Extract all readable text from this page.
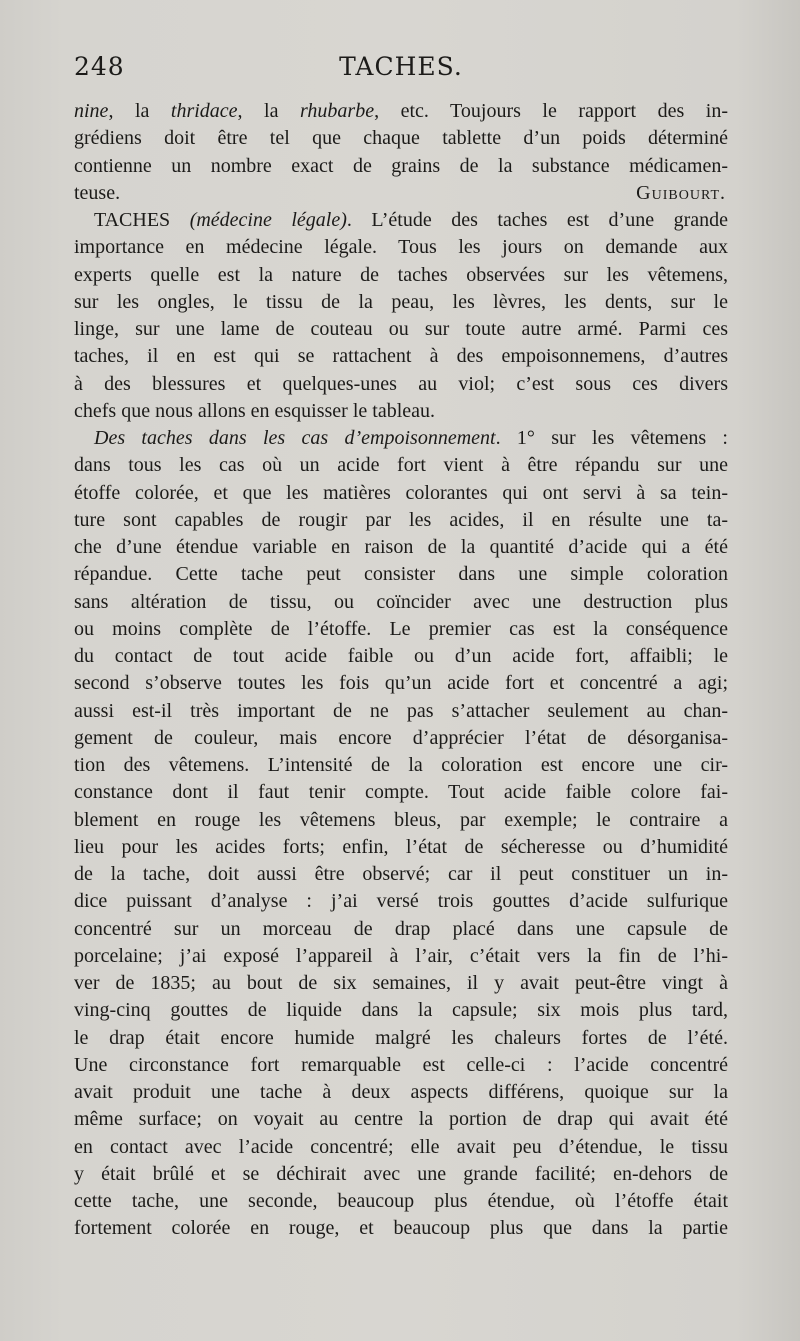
248	TACHES.
nine, la thridace, la rhubarbe, etc. Toujours le rapport des in-
grédiens doit être tel que chaque tablette d’un poids déterminé
contienne un nombre exact de grains de la substance médicamen-
teuse.	Guibourt.
TACHES (médecine légale). L’étude des taches est d’une grande
importance en médecine légale. Tous les jours on demande aux
experts quelle est la nature de taches observées sur les vêtemens,
sur les ongles, le tissu de la peau, les lèvres, les dents, sur le
linge, sur une lame de couteau ou sur toute autre armé. Parmi ces
taches, il en est qui se rattachent à des empoisonnemens, d’autres
à des blessures et quelques-unes au viol; c’est sous ces divers
chefs que nous allons en esquisser le tableau.
Des taches dans les cas d’empoisonnement. 1° sur les vêtemens :
dans tous les cas où un acide fort vient à être répandu sur une
étoffe colorée, et que les matières colorantes qui ont servi à sa tein-
ture sont capables de rougir par les acides, il en résulte une ta-
che d’une étendue variable en raison de la quantité d’acide qui a été
répandue. Cette tache peut consister dans une simple coloration
sans altération de tissu, ou coïncider avec une destruction plus
ou moins complète de l’étoffe. Le premier cas est la conséquence
du contact de tout acide faible ou d’un acide fort, affaibli; le
second s’observe toutes les fois qu’un acide fort et concentré a agi;
aussi est-il très important de ne pas s’attacher seulement au chan-
gement de couleur, mais encore d’apprécier l’état de désorganisa-
tion des vêtemens. L’intensité de la coloration est encore une cir-
constance dont il faut tenir compte. Tout acide faible colore fai-
blement en rouge les vêtemens bleus, par exemple; le contraire a
lieu pour les acides forts; enfin, l’état de sécheresse ou d’humidité
de la tache, doit aussi être observé; car il peut constituer un in-
dice puissant d’analyse : j’ai versé trois gouttes d’acide sulfurique
concentré sur un morceau de drap placé dans une capsule de
porcelaine; j’ai exposé l’appareil à l’air, c’était vers la fin de l’hi-
ver de 1835; au bout de six semaines, il y avait peut-être vingt à
ving-cinq gouttes de liquide dans la capsule; six mois plus tard,
le drap était encore humide malgré les chaleurs fortes de l’été.
Une circonstance fort remarquable est celle-ci : l’acide concentré
avait produit une tache à deux aspects différens, quoique sur la
même surface; on voyait au centre la portion de drap qui avait été
en contact avec l’acide concentré; elle avait peu d’étendue, le tissu
y était brûlé et se déchirait avec une grande facilité; en-dehors de
cette tache, une seconde, beaucoup plus étendue, où l’étoffe était
fortement colorée en rouge, et beaucoup plus que dans la partie
